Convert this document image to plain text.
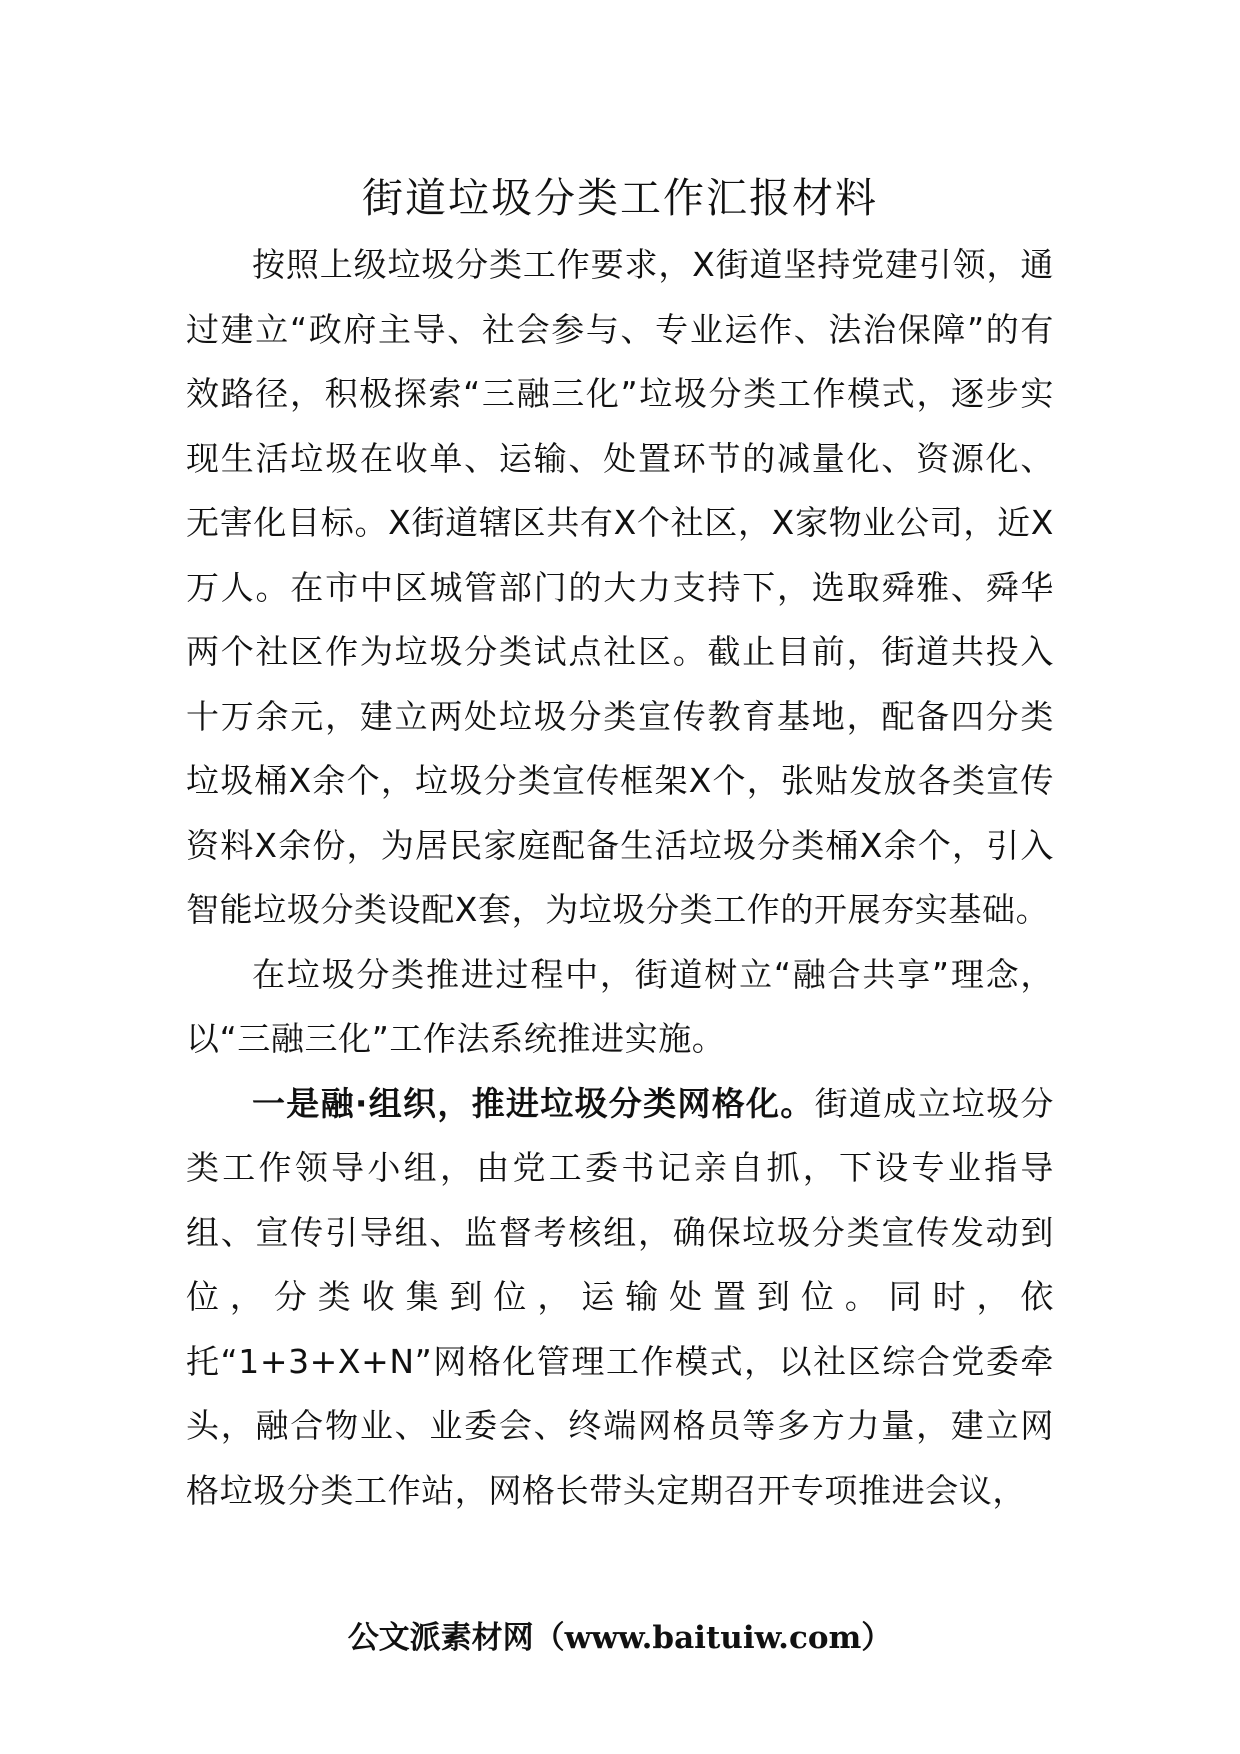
街道垃圾分类工作汇报材料

按照上级垃圾分类工作要求，X街道坚持党建引领，通过建立“政府主导、社会参与、专业运作、法治保障”的有效路径，积极探索“三融三化”垃圾分类工作模式，逐步实现生活垃圾在收单、运输、处置环节的减量化、资源化、无害化目标。X街道辖区共有X个社区，X家物业公司，近X万人。在市中区城管部门的大力支持下，选取舜雅、舜华两个社区作为垃圾分类试点社区。截止目前，街道共投入十万余元，建立两处垃圾分类宣传教育基地，配备四分类垃圾桶X余个，垃圾分类宣传框架X个，张贴发放各类宣传资料X余份，为居民家庭配备生活垃圾分类桶X余个，引入智能垃圾分类设配X套，为垃圾分类工作的开展夯实基础。

在垃圾分类推进过程中，街道树立“融合共享”理念，以“三融三化”工作法系统推进实施。

一是融·组织，推进垃圾分类网格化。街道成立垃圾分类工作领导小组，由党工委书记亲自抓，下设专业指导组、宣传引导组、监督考核组，确保垃圾分类宣传发动到位，分类收集到位，运输处置到位。同时，依托“1+3+X+N”网格化管理工作模式，以社区综合党委牵头，融合物业、业委会、终端网格员等多方力量，建立网格垃圾分类工作站，网格长带头定期召开专项推进会议，

公文派素材网（www.baituiw.com）
